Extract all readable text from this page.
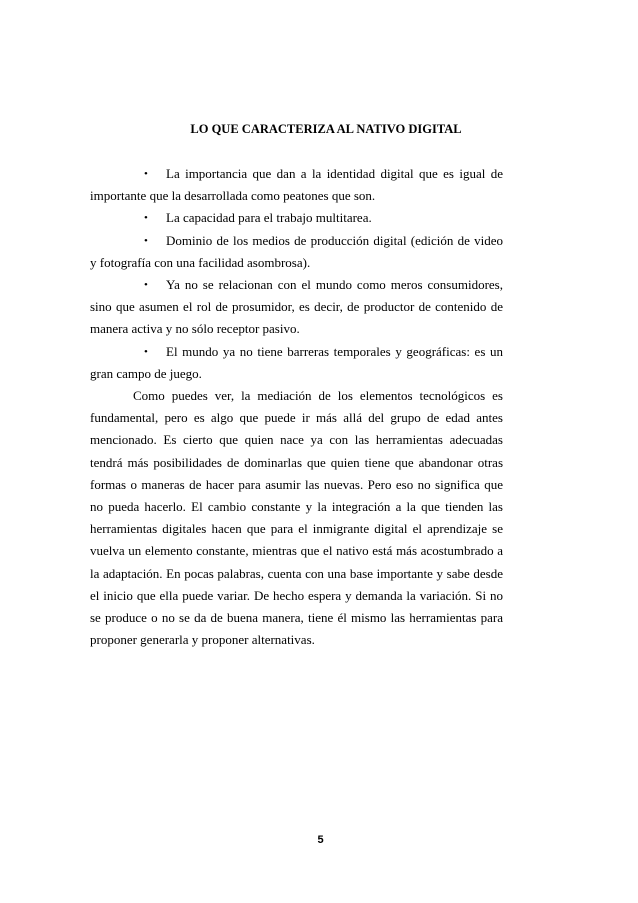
LO QUE CARACTERIZA AL NATIVO DIGITAL

•	La importancia que dan a la identidad digital que es igual de importante que la desarrollada como peatones que son.

•	La capacidad para el trabajo multitarea.

•	Dominio de los medios de producción digital (edición de video y fotografía con una facilidad asombrosa).

•	Ya no se relacionan con el mundo como meros consumidores, sino que asumen el rol de prosumidor, es decir, de productor de contenido de manera activa y no sólo receptor pasivo.

•	El mundo ya no tiene barreras temporales y geográficas: es un gran campo de juego.

Como puedes ver, la mediación de los elementos tecnológicos es fundamental, pero es algo que puede ir más allá del grupo de edad antes mencionado. Es cierto que quien nace ya con las herramientas adecuadas tendrá más posibilidades de dominarlas que quien tiene que abandonar otras formas o maneras de hacer para asumir las nuevas. Pero eso no significa que no pueda hacerlo. El cambio constante y la integración a la que tienden las herramientas digitales hacen que para el inmigrante digital el aprendizaje se vuelva un elemento constante, mientras que el nativo está más acostumbrado a la adaptación. En pocas palabras, cuenta con una base importante y sabe desde el inicio que ella puede variar. De hecho espera y demanda la variación. Si no se produce o no se da de buena manera, tiene él mismo las herramientas para proponer generarla y proponer alternativas.

5
